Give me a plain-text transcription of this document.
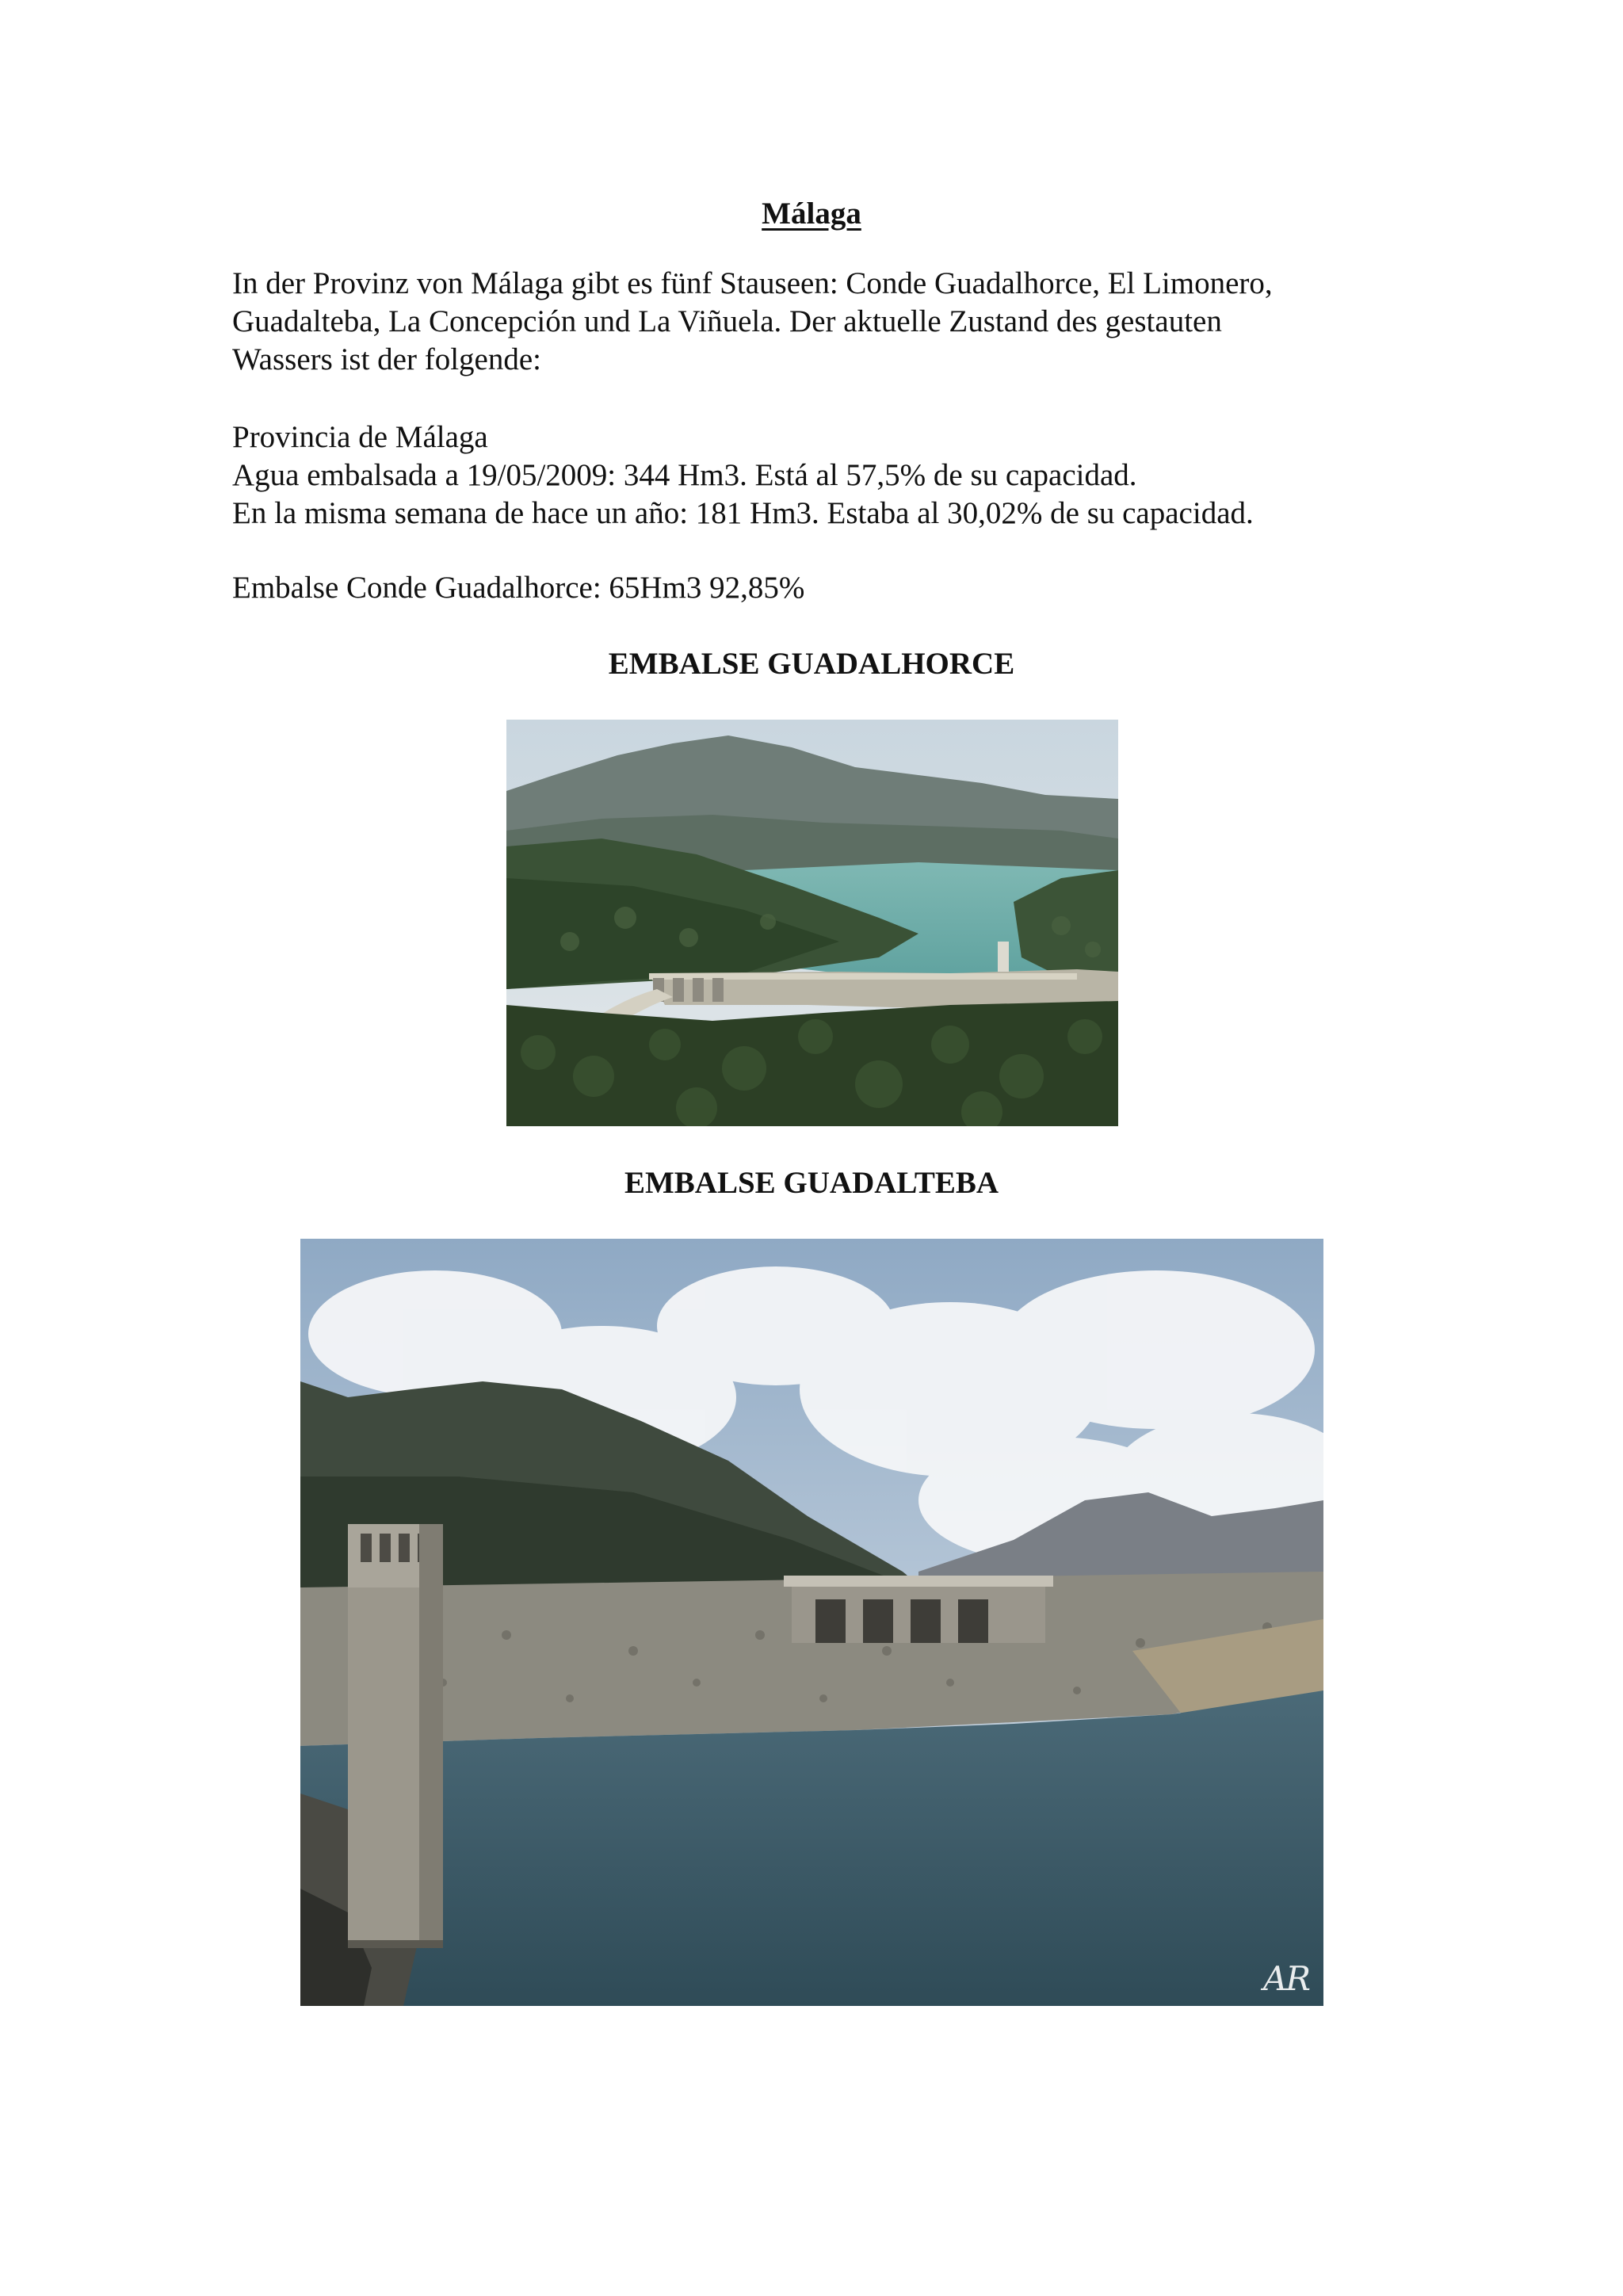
Málaga

In der Provinz von Málaga gibt es fünf Stauseen: Conde Guadalhorce, El Limonero,
Guadalteba, La Concepción und La Viñuela. Der aktuelle Zustand des gestauten
Wassers ist der folgende:

Provincia de Málaga
Agua embalsada a 19/05/2009: 344 Hm3. Está al 57,5% de su capacidad.
En la misma semana de hace un año: 181 Hm3. Estaba al 30,02% de su capacidad.

Embalse Conde Guadalhorce: 65Hm3 92,85%

EMBALSE GUADALHORCE
EMBALSE GUADALTEBA
AR
